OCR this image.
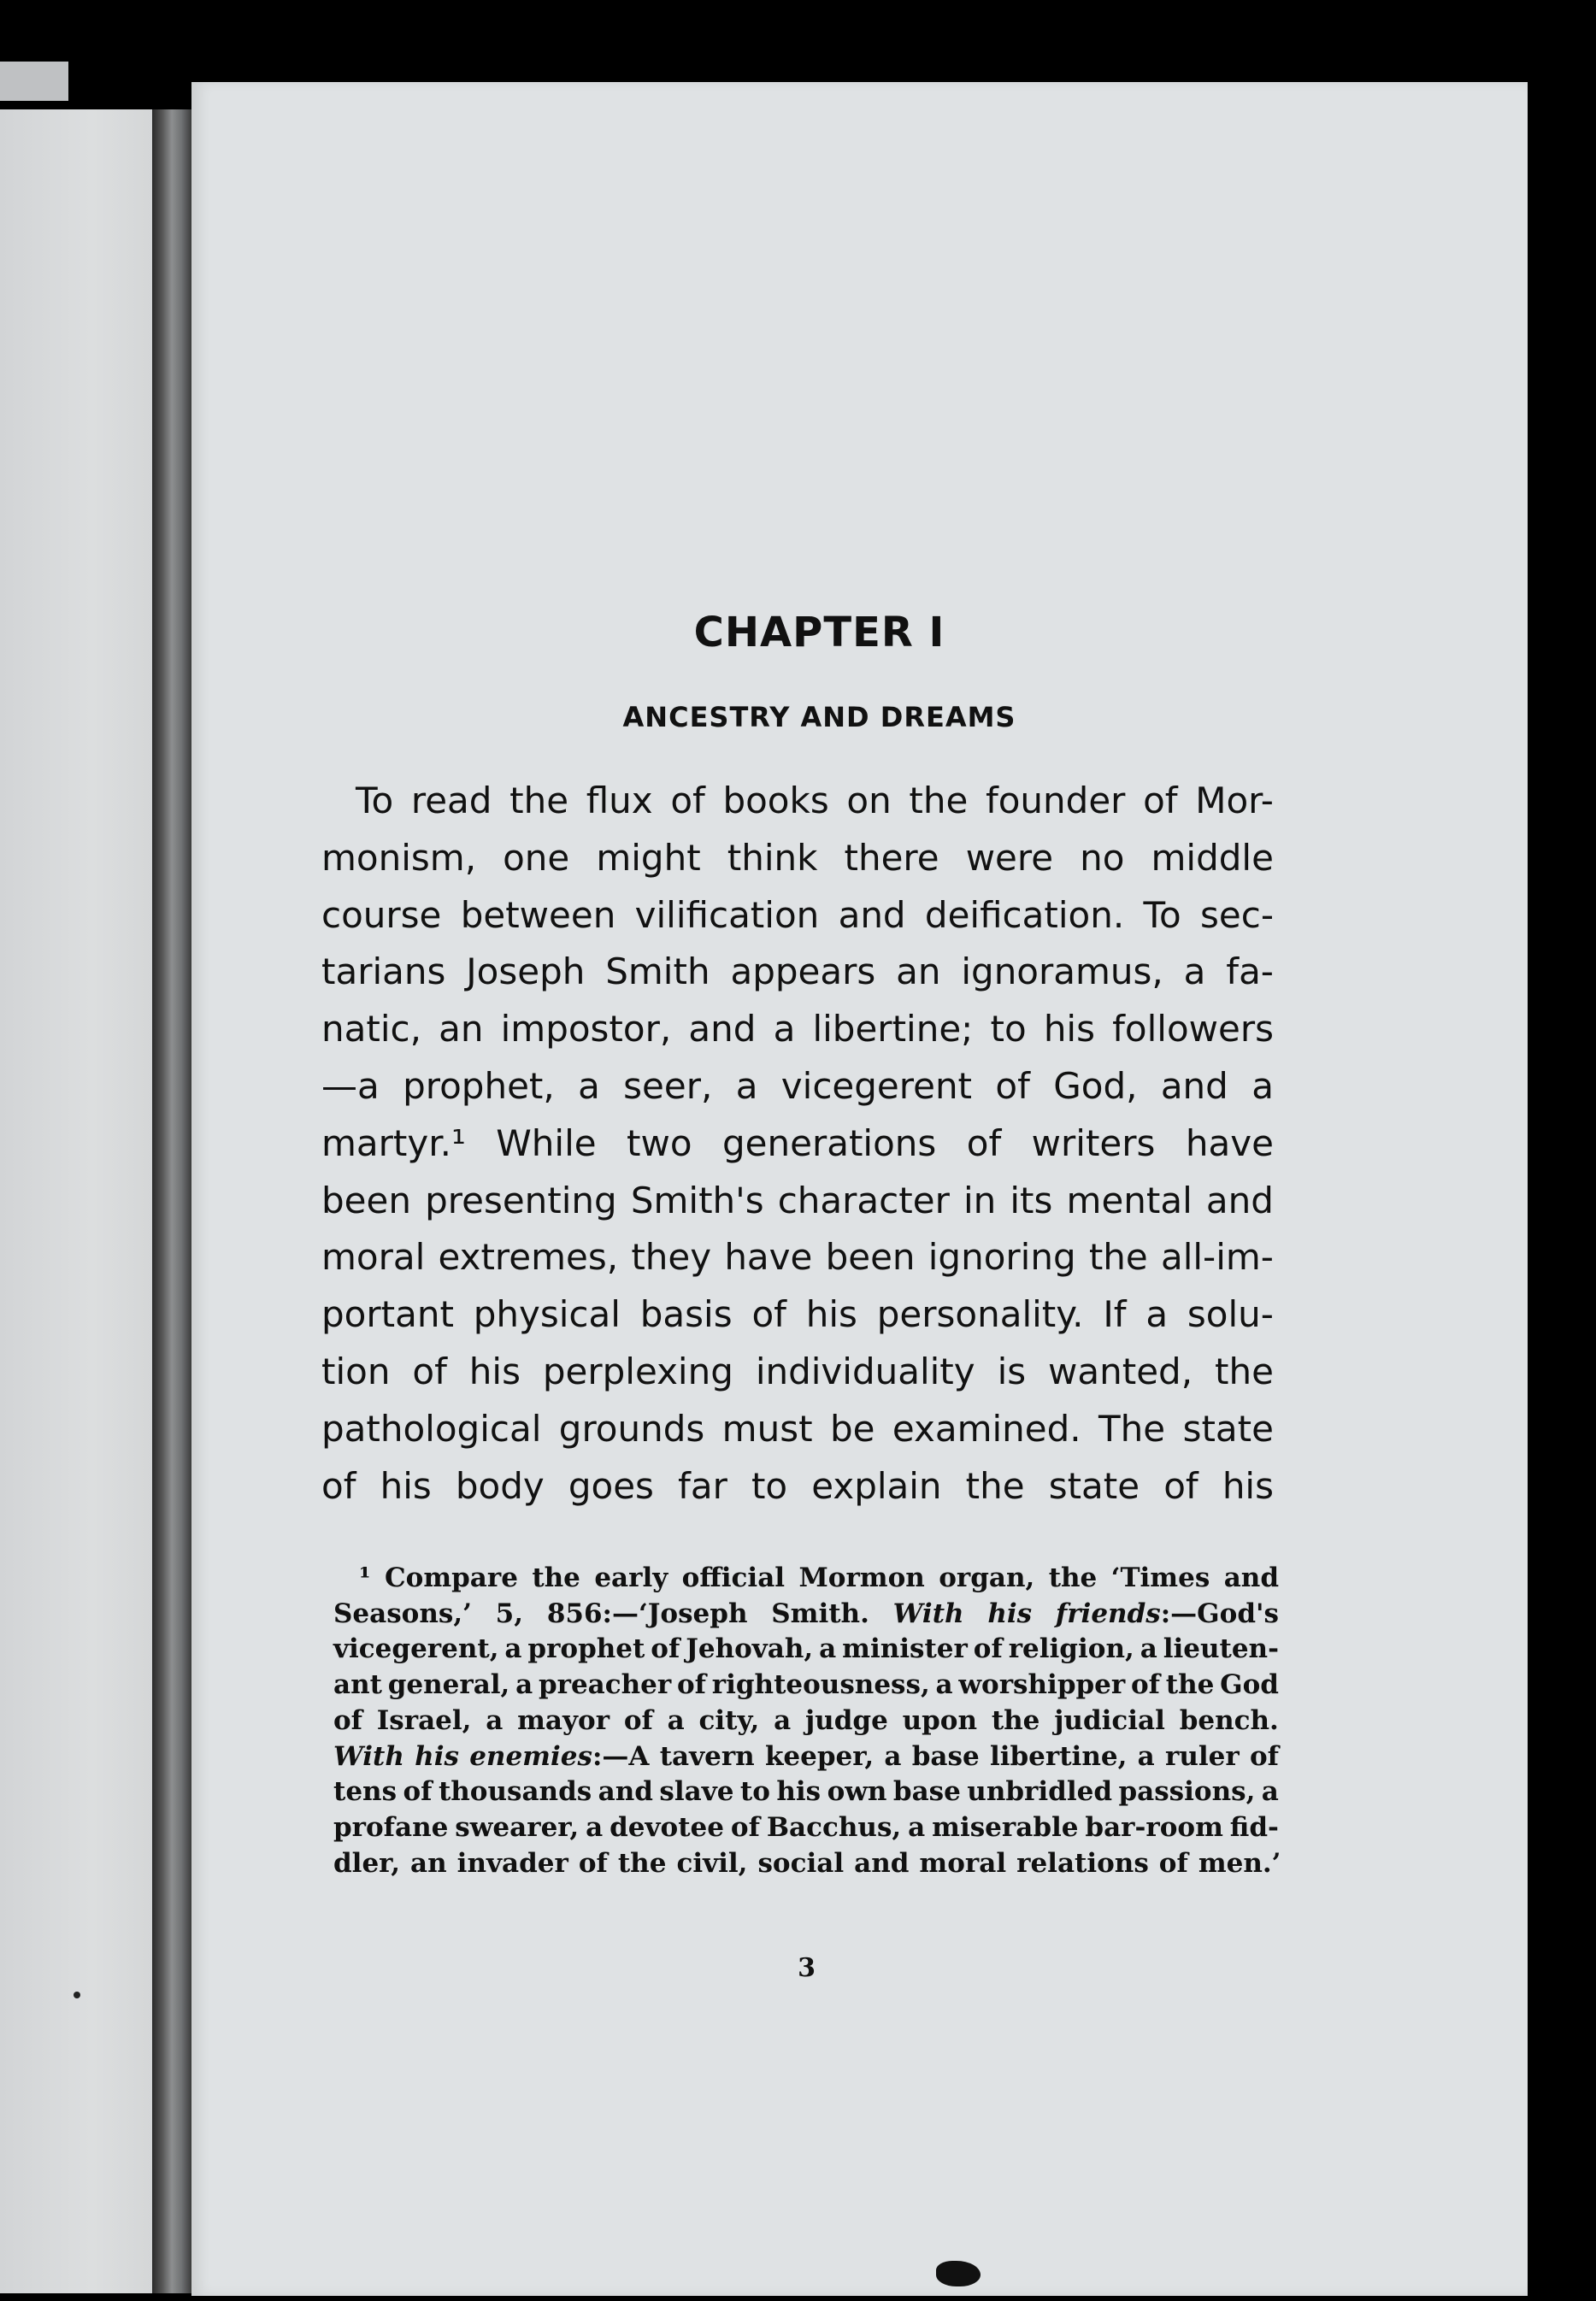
CHAPTER I
ANCESTRY AND DREAMS
To read the flux of books on the founder of Mor-
monism, one might think there were no middle
course between vilification and deification. To sec-
tarians Joseph Smith appears an ignoramus, a fa-
natic, an impostor, and a libertine; to his followers
—a prophet, a seer, a vicegerent of God, and a
martyr.¹ While two generations of writers have
been presenting Smith's character in its mental and
moral extremes, they have been ignoring the all-im-
portant physical basis of his personality. If a solu-
tion of his perplexing individuality is wanted, the
pathological grounds must be examined. The state
of his body goes far to explain the state of his
¹ Compare the early official Mormon organ, the ‘Times and
Seasons,’ 5, 856:—‘Joseph Smith. With his friends:—God's
vicegerent, a prophet of Jehovah, a minister of religion, a lieuten-
ant general, a preacher of righteousness, a worshipper of the God
of Israel, a mayor of a city, a judge upon the judicial bench.
With his enemies:—A tavern keeper, a base libertine, a ruler of
tens of thousands and slave to his own base unbridled passions, a
profane swearer, a devotee of Bacchus, a miserable bar-room fid-
dler, an invader of the civil, social and moral relations of men.’
3
